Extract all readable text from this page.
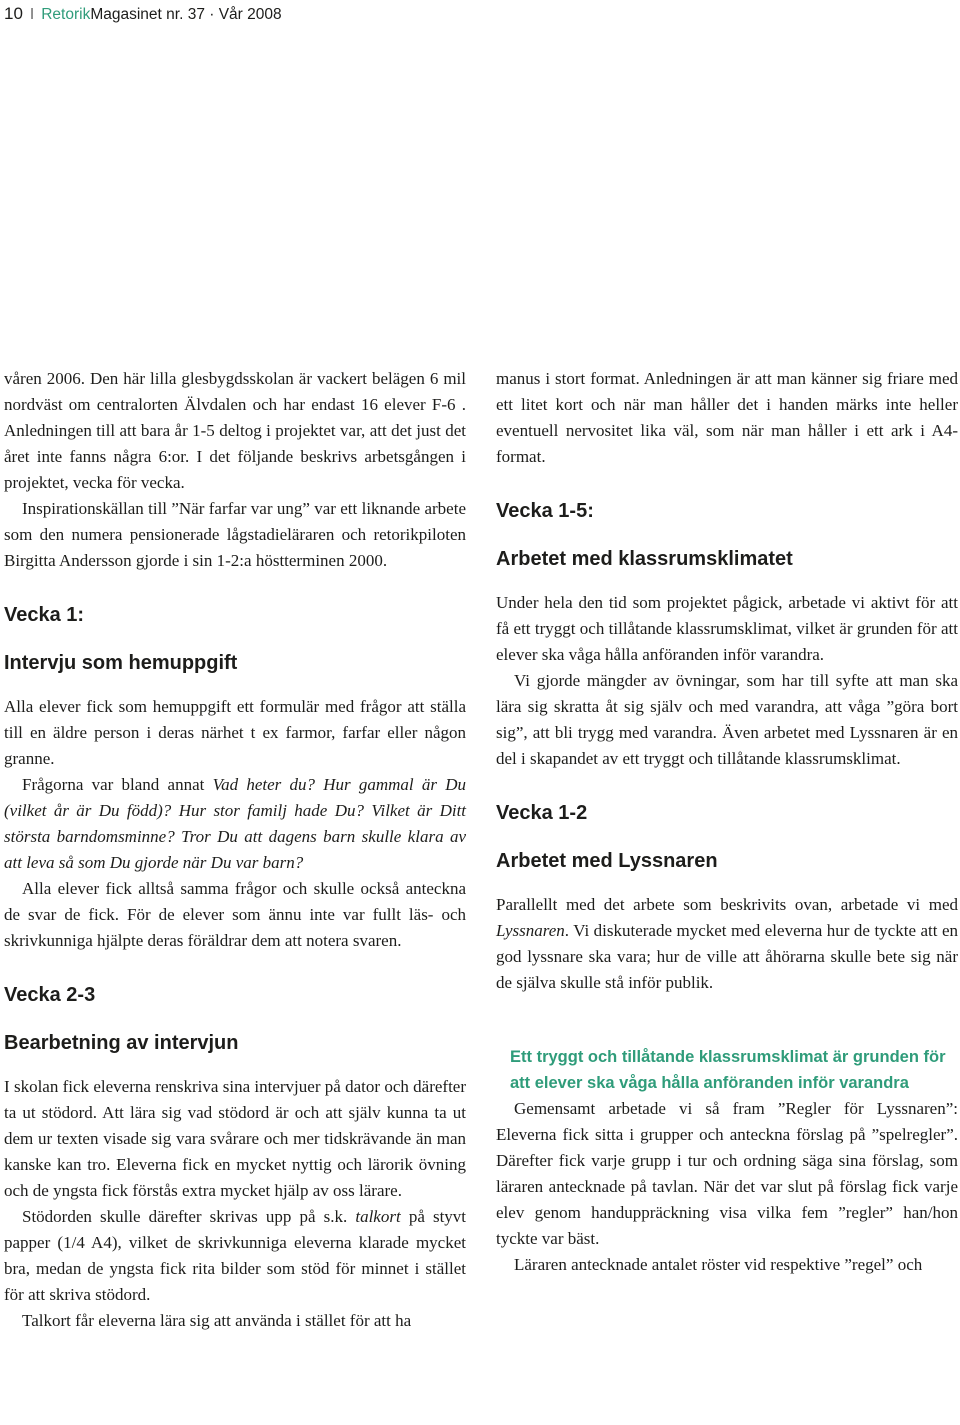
10 I RetorikMagasinet nr. 37 · Vår 2008

våren 2006. Den här lilla glesbygdsskolan är vackert belägen 6 mil nordväst om centralorten Älvdalen och har endast 16 elever F-6 . Anledningen till att bara år 1-5 deltog i projektet var, att det just det året inte fanns några 6:or. I det följande beskrivs arbetsgången i projektet, vecka för vecka.

Inspirationskällan till ”När farfar var ung” var ett liknande arbete som den numera pensionerade lågstadieläraren och retorikpiloten Birgitta Andersson gjorde i sin 1-2:a höstterminen 2000.

Vecka 1:
Intervju som hemuppgift

Alla elever fick som hemuppgift ett formulär med frågor att ställa till en äldre person i deras närhet t ex farmor, farfar eller någon granne.

Frågorna var bland annat Vad heter du? Hur gammal är Du (vilket år är Du född)? Hur stor familj hade Du? Vilket är Ditt största barndomsminne? Tror Du att dagens barn skulle klara av att leva så som Du gjorde när Du var barn?

Alla elever fick alltså samma frågor och skulle också anteckna de svar de fick. För de elever som ännu inte var fullt läs- och skrivkunniga hjälpte deras föräldrar dem att notera svaren.

Vecka 2-3
Bearbetning av intervjun

I skolan fick eleverna renskriva sina intervjuer på dator och därefter ta ut stödord. Att lära sig vad stödord är och att själv kunna ta ut dem ur texten visade sig vara svårare och mer tidskrävande än man kanske kan tro. Eleverna fick en mycket nyttig och lärorik övning och de yngsta fick förstås extra mycket hjälp av oss lärare.

Stödorden skulle därefter skrivas upp på s.k. talkort på styvt papper (1/4 A4), vilket de skrivkunniga eleverna klarade mycket bra, medan de yngsta fick rita bilder som stöd för minnet i stället för att skriva stödord.

Talkort får eleverna lära sig att använda i stället för att ha

manus i stort format. Anledningen är att man känner sig friare med ett litet kort och när man håller det i handen märks inte heller eventuell nervositet lika väl, som när man håller i ett ark i A4-format.

Vecka 1-5:
Arbetet med klassrumsklimatet

Under hela den tid som projektet pågick, arbetade vi aktivt för att få ett tryggt och tillåtande klassrumsklimat, vilket är grunden för att elever ska våga hålla anföranden inför varandra.

Vi gjorde mängder av övningar, som har till syfte att man ska lära sig skratta åt sig själv och med varandra, att våga ”göra bort sig”, att bli trygg med varandra. Även arbetet med Lyssnaren är en del i skapandet av ett tryggt och tillåtande klassrumsklimat.

Vecka 1-2
Arbetet med Lyssnaren

Parallellt med det arbete som beskrivits ovan, arbetade vi med Lyssnaren. Vi diskuterade mycket med eleverna hur de tyckte att en god lyssnare ska vara; hur de ville att åhörarna skulle bete sig när de själva skulle stå inför publik.

Ett tryggt och tillåtande klassrumsklimat är grunden för att elever ska våga hålla anföranden inför varandra

Gemensamt arbetade vi så fram ”Regler för Lyssnaren”: Eleverna fick sitta i grupper och anteckna förslag på ”spelregler”. Därefter fick varje grupp i tur och ordning säga sina förslag, som läraren antecknade på tavlan. När det var slut på förslag fick varje elev genom handuppräckning visa vilka fem ”regler” han/hon tyckte var bäst.

Läraren antecknade antalet röster vid respektive ”regel” och
